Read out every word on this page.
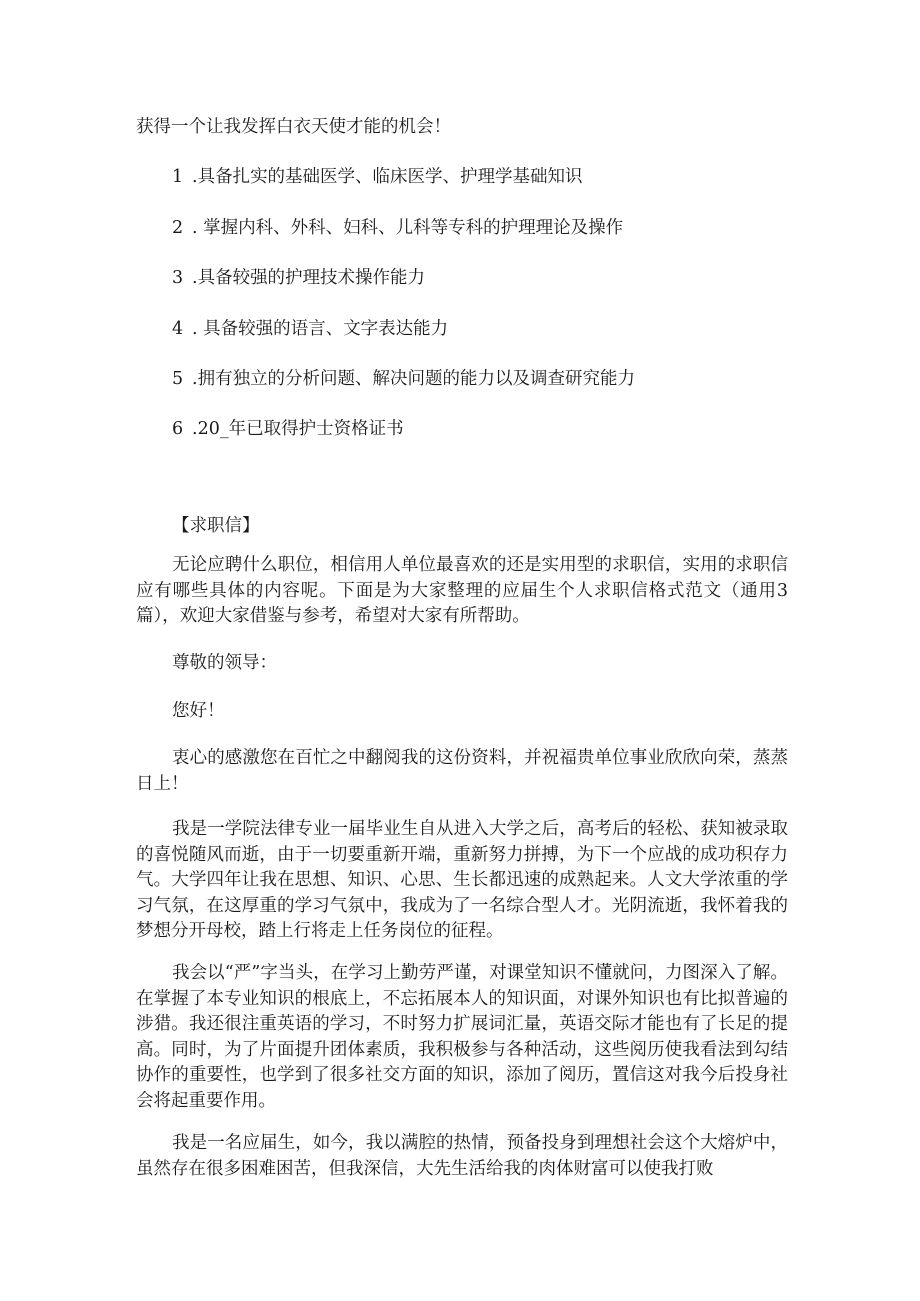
获得一个让我发挥白衣天使才能的机会！
1 .具备扎实的基础医学、临床医学、护理学基础知识
2 . 掌握内科、外科、妇科、儿科等专科的护理理论及操作
3 .具备较强的护理技术操作能力
4 . 具备较强的语言、文字表达能力
5 .拥有独立的分析问题、解决问题的能力以及调查研究能力
6 .20_年已取得护士资格证书
【求职信】
无论应聘什么职位，相信用人单位最喜欢的还是实用型的求职信，实用的求职信应有哪些具体的内容呢。下面是为大家整理的应届生个人求职信格式范文（通用3篇），欢迎大家借鉴与参考，希望对大家有所帮助。
尊敬的领导：
您好！
衷心的感激您在百忙之中翻阅我的这份资料，并祝福贵单位事业欣欣向荣，蒸蒸日上！
我是一学院法律专业一届毕业生自从进入大学之后，高考后的轻松、获知被录取的喜悦随风而逝，由于一切要重新开端，重新努力拼搏，为下一个应战的成功积存力气。大学四年让我在思想、知识、心思、生长都迅速的成熟起来。人文大学浓重的学习气氛，在这厚重的学习气氛中，我成为了一名综合型人才。光阴流逝，我怀着我的梦想分开母校，踏上行将走上任务岗位的征程。
我会以“严”字当头，在学习上勤劳严谨，对课堂知识不懂就问，力图深入了解。在掌握了本专业知识的根底上，不忘拓展本人的知识面，对课外知识也有比拟普遍的涉猎。我还很注重英语的学习，不时努力扩展词汇量，英语交际才能也有了长足的提高。同时，为了片面提升团体素质，我积极参与各种活动，这些阅历使我看法到勾结协作的重要性，也学到了很多社交方面的知识，添加了阅历，置信这对我今后投身社会将起重要作用。
我是一名应届生，如今，我以满腔的热情，预备投身到理想社会这个大熔炉中，虽然存在很多困难困苦，但我深信，大先生活给我的肉体财富可以使我打败
